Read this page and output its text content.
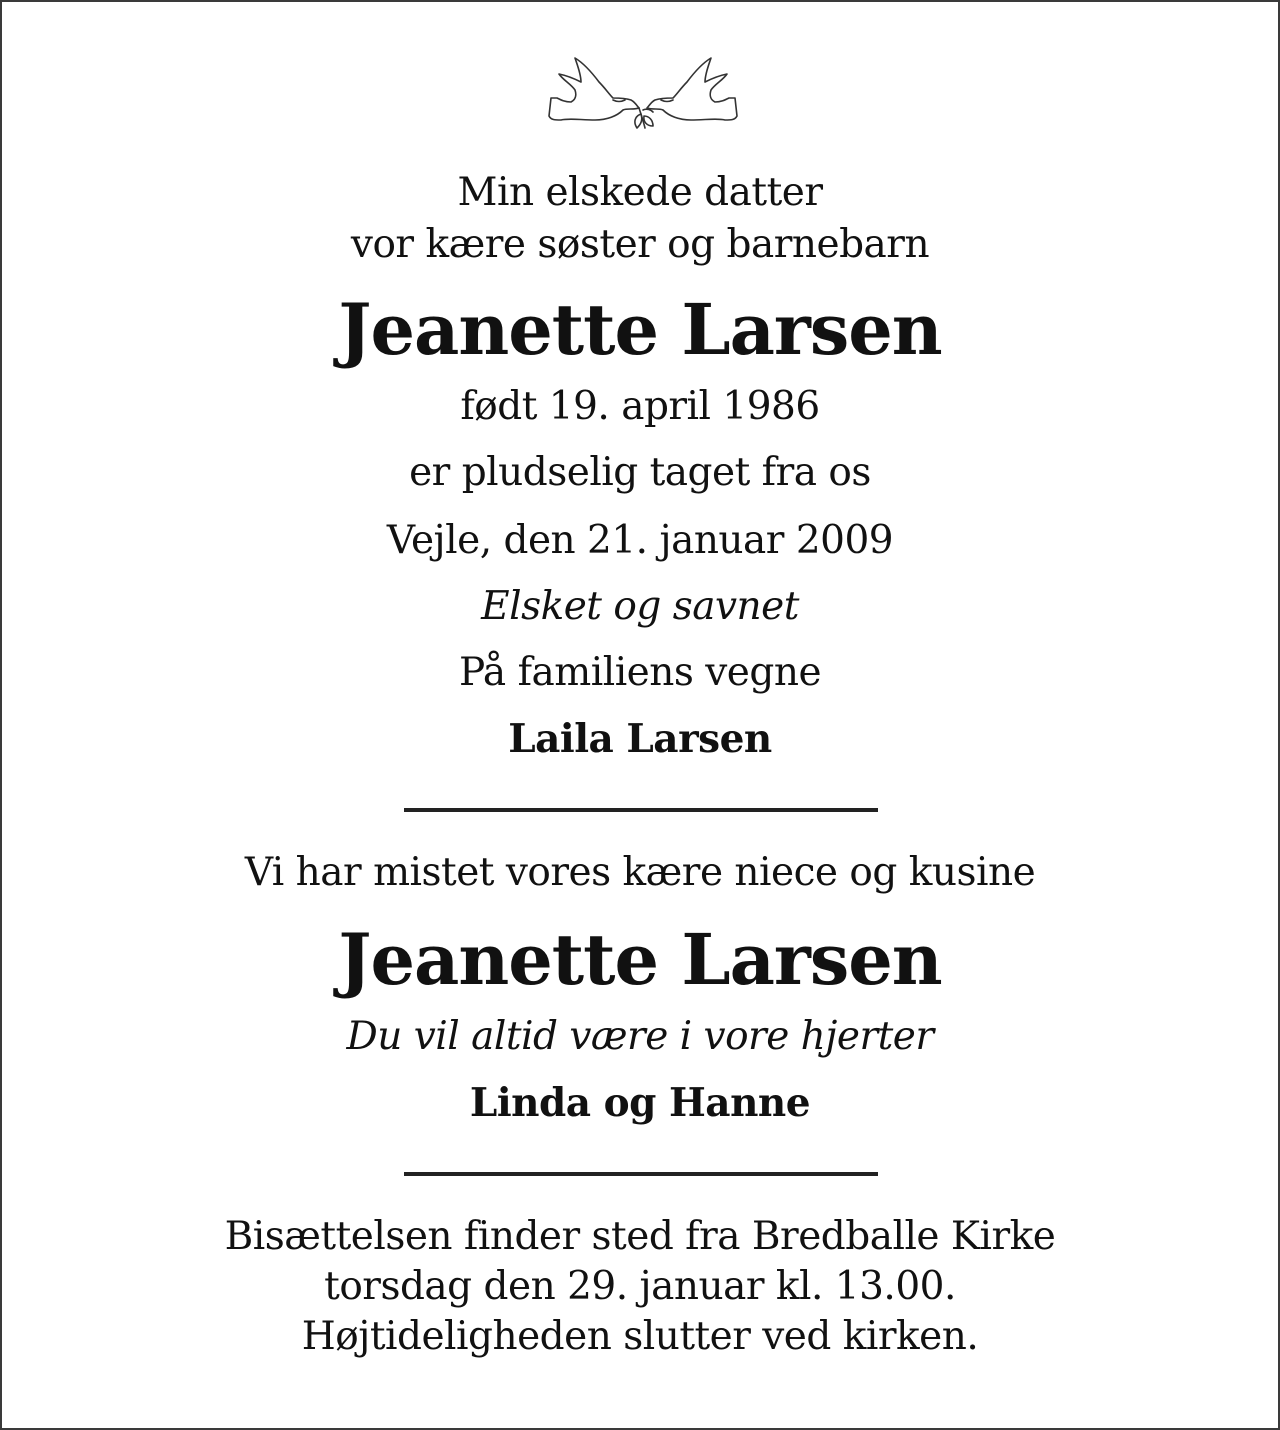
Min elskede datter
vor kære søster og barnebarn
Jeanette Larsen
født 19. april 1986
er pludselig taget fra os
Vejle, den 21. januar 2009
Elsket og savnet
På familiens vegne
Laila Larsen
Vi har mistet vores kære niece og kusine
Jeanette Larsen
Du vil altid være i vore hjerter
Linda og Hanne
Bisættelsen finder sted fra Bredballe Kirke
torsdag den 29. januar kl. 13.00.
Højtideligheden slutter ved kirken.
